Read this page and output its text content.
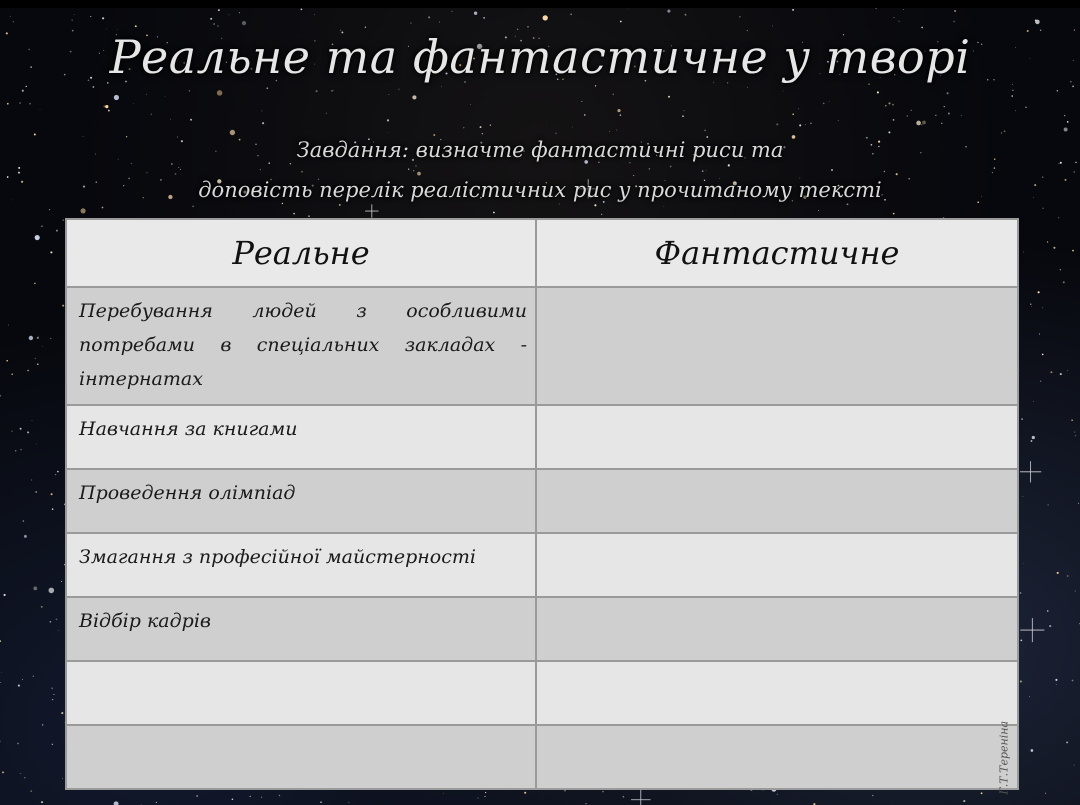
Реальне та фантастичне у творі
Завдання: визначте фантастичні риси та
доповість перелік реалістичних рис у прочитаному тексті
Реальне	Фантастичне

Перебування людей з особливими потребами в спеціальних закладах - інтернатах	

Навчання за книгами	

Проведення олімпіад	

Змагання з професійної майстерності	

Відбір кадрів	

Г.Т.Тереніна
